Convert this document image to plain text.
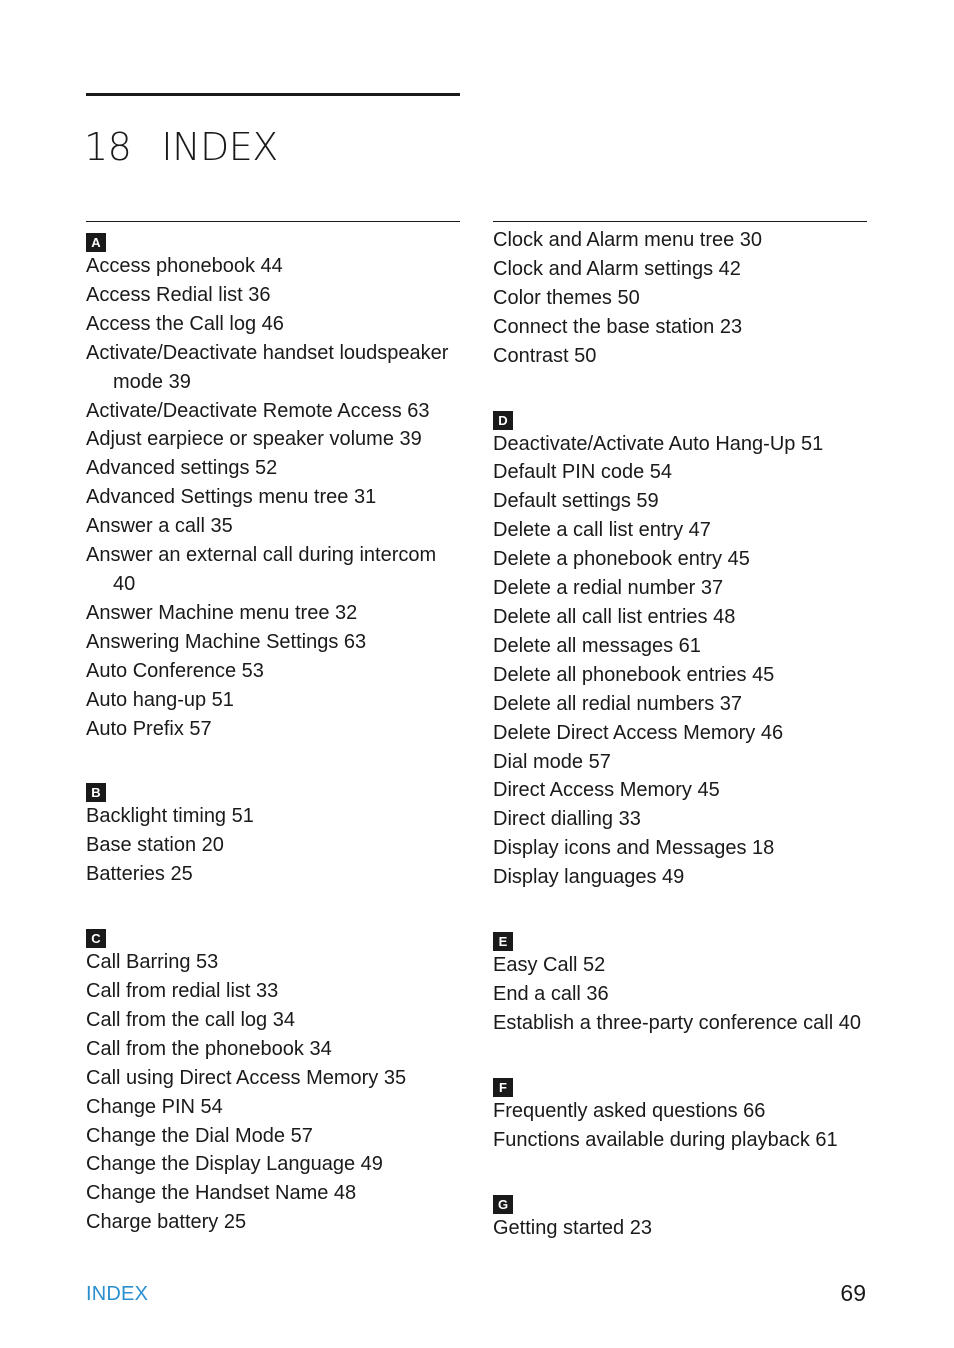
18 INDEX
A
Access phonebook 44
Access Redial list 36
Access the Call log 46
Activate/Deactivate handset loudspeaker mode 39
Activate/Deactivate Remote Access 63
Adjust earpiece or speaker volume 39
Advanced settings 52
Advanced Settings menu tree 31
Answer a call 35
Answer an external call during intercom 40
Answer Machine menu tree 32
Answering Machine Settings 63
Auto Conference 53
Auto hang-up 51
Auto Prefix 57
B
Backlight timing 51
Base station 20
Batteries 25
C
Call Barring 53
Call from redial list 33
Call from the call log 34
Call from the phonebook 34
Call using Direct Access Memory 35
Change PIN 54
Change the Dial Mode 57
Change the Display Language 49
Change the Handset Name 48
Charge battery 25
Clock and Alarm menu tree 30
Clock and Alarm settings 42
Color themes 50
Connect the base station 23
Contrast 50
D
Deactivate/Activate Auto Hang-Up 51
Default PIN code 54
Default settings 59
Delete a call list entry 47
Delete a phonebook entry 45
Delete a redial number 37
Delete all call list entries 48
Delete all messages 61
Delete all phonebook entries 45
Delete all redial numbers 37
Delete Direct Access Memory 46
Dial mode 57
Direct Access Memory 45
Direct dialling 33
Display icons and Messages 18
Display languages 49
E
Easy Call 52
End a call 36
Establish a three-party conference call 40
F
Frequently asked questions 66
Functions available during playback 61
G
Getting started 23
INDEX	69
